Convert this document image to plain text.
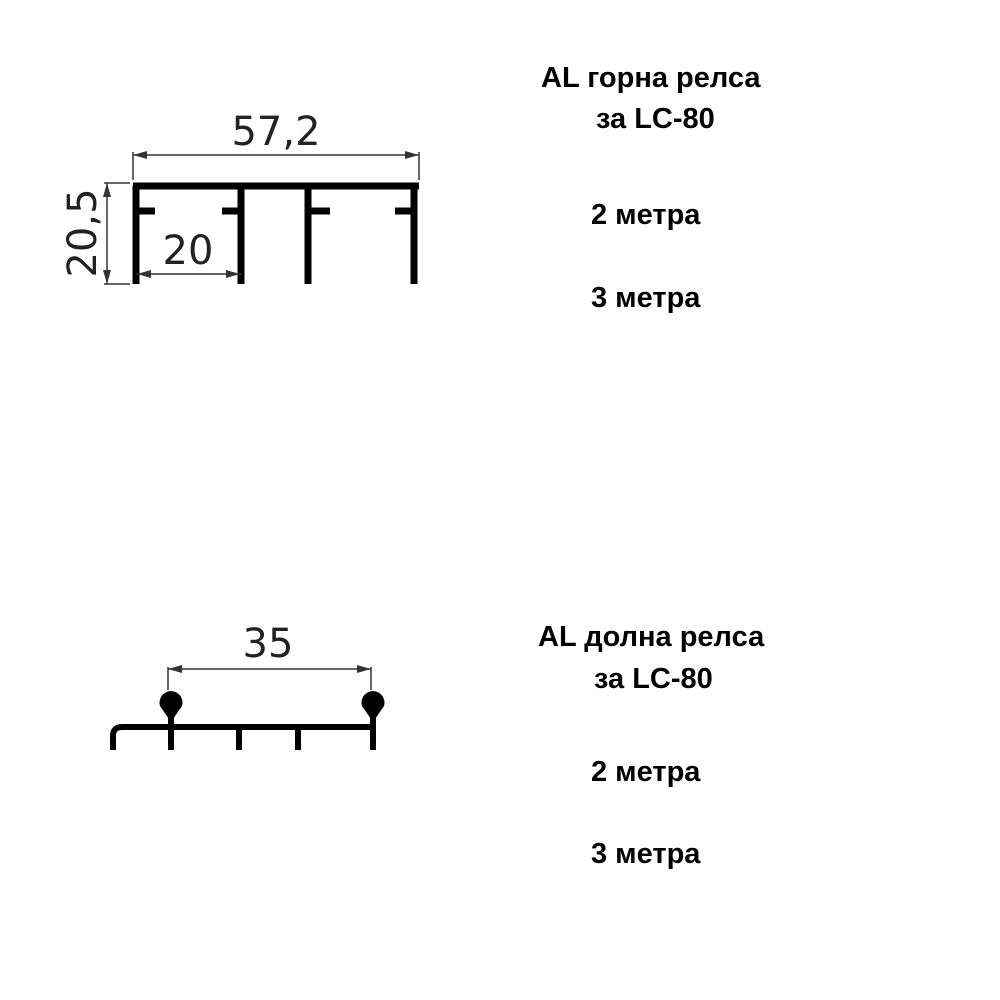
57,2
20,5 20
35
AL горна релса
за LC-80
2 метра
3 метра
AL долна релса
за LC-80
2 метра
3 метра
